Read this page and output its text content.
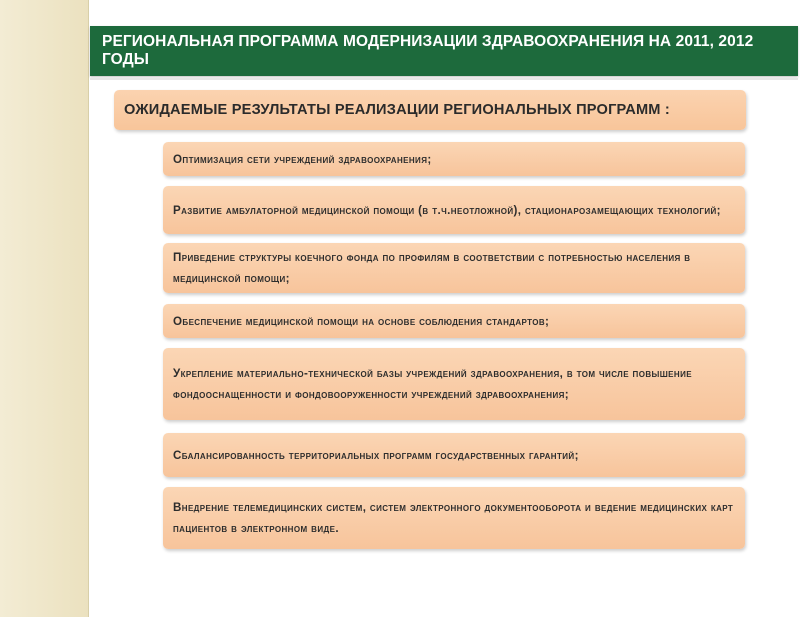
РЕГИОНАЛЬНАЯ ПРОГРАММА МОДЕРНИЗАЦИИ ЗДРАВООХРАНЕНИЯ НА 2011, 2012 ГОДЫ
ОЖИДАЕМЫЕ РЕЗУЛЬТАТЫ РЕАЛИЗАЦИИ РЕГИОНАЛЬНЫХ ПРОГРАММ :
Оптимизация сети учреждений здравоохранения;
Развитие амбулаторной медицинской помощи (в т.ч.неотложной), стационарозамещающих технологий;
Приведение структуры коечного фонда по профилям в соответствии с потребностью населения в медицинской помощи;
Обеспечение медицинской помощи на основе соблюдения стандартов;
Укрепление материально-технической базы учреждений здравоохранения, в том числе повышение фондооснащенности и фондовооруженности учреждений здравоохранения;
Сбалансированность территориальных программ государственных гарантий;
Внедрение телемедицинских систем, систем электронного документооборота и ведение медицинских карт пациентов в электронном виде.
